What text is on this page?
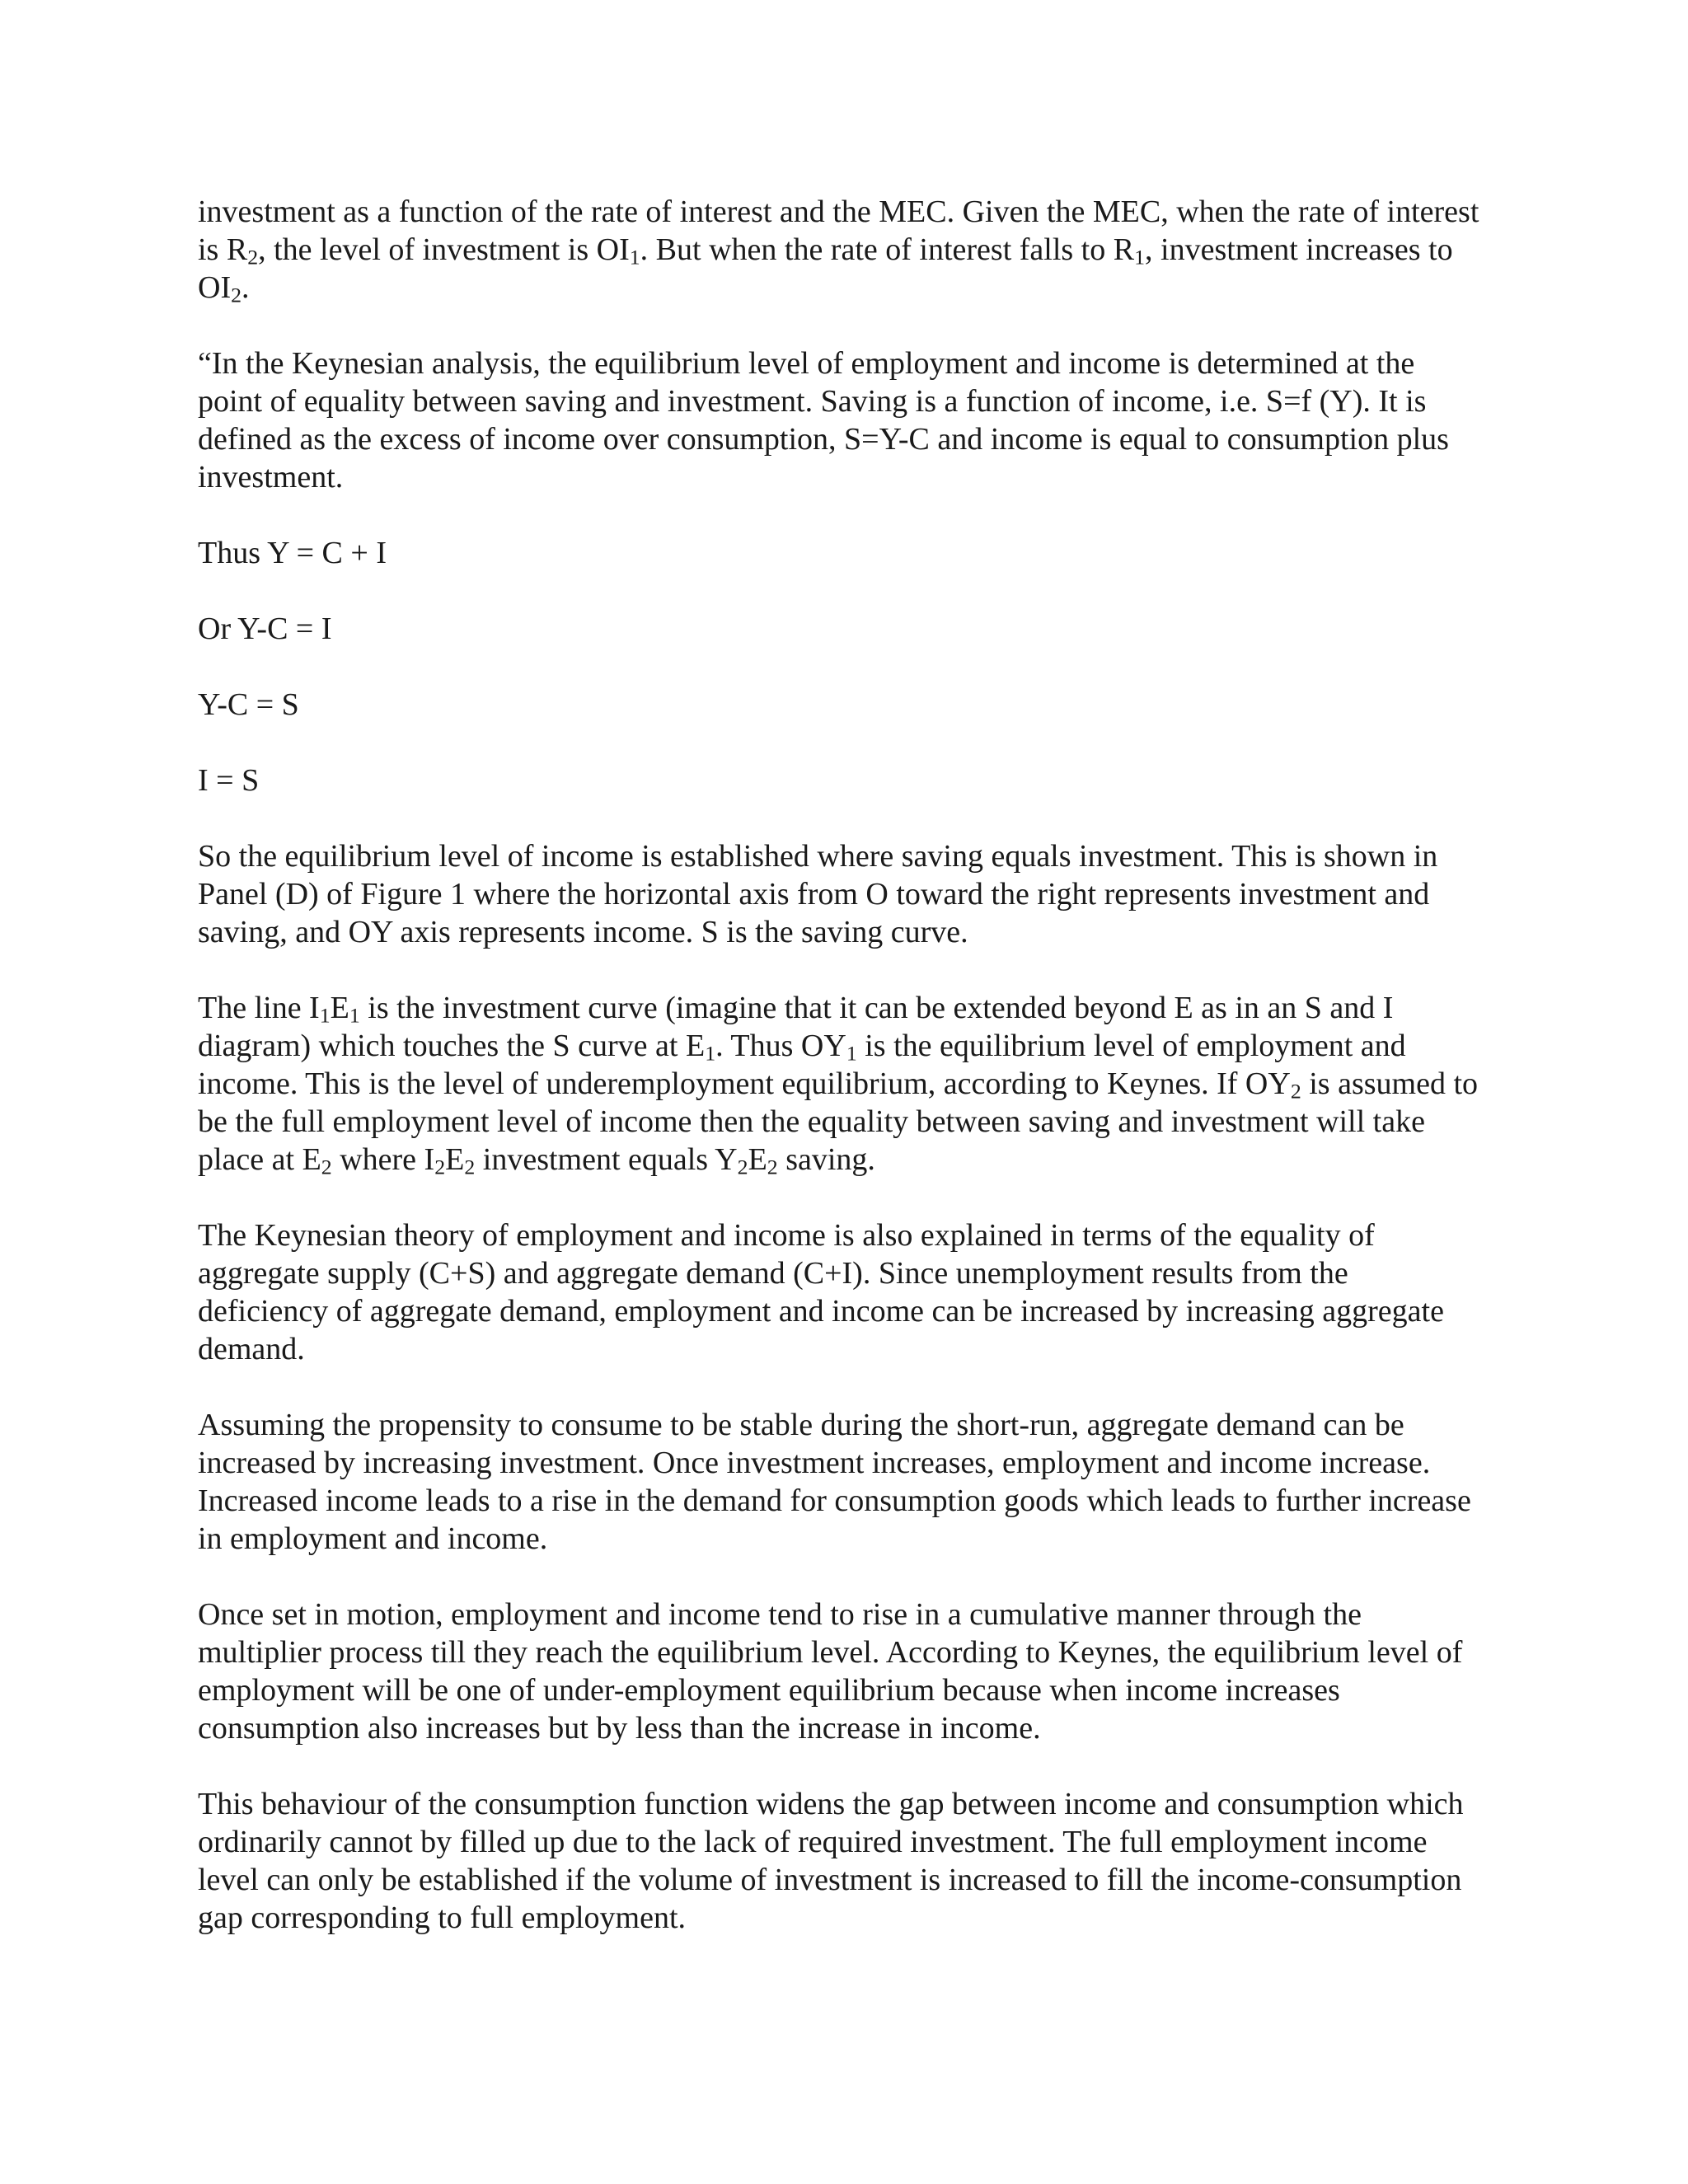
investment as a function of the rate of interest and the MEC. Given the MEC, when the rate of interest is $R_2$, the level of investment is $OI_1$. But when the rate of interest falls to $R_1$, investment increases to $OI_2$.

“In the Keynesian analysis, the equilibrium level of employment and income is determined at the point of equality between saving and investment. Saving is a function of income, i.e. S=f (Y). It is defined as the excess of income over consumption, S=Y-C and income is equal to consumption plus investment.

Thus Y = C + I

Or Y-C = I

Y-C = S

I = S

So the equilibrium level of income is established where saving equals investment. This is shown in Panel (D) of Figure 1 where the horizontal axis from O toward the right represents investment and saving, and OY axis represents income. S is the saving curve.

The line $I_1E_1$ is the investment curve (imagine that it can be extended beyond E as in an S and I diagram) which touches the S curve at $E_1$. Thus $OY_1$ is the equilibrium level of employment and income. This is the level of underemployment equilibrium, according to Keynes. If $OY_2$ is assumed to be the full employment level of income then the equality between saving and investment will take place at $E_2$ where $I_2E_2$ investment equals $Y_2E_2$ saving.

The Keynesian theory of employment and income is also explained in terms of the equality of aggregate supply (C+S) and aggregate demand (C+I). Since unemployment results from the deficiency of aggregate demand, employment and income can be increased by increasing aggregate demand.

Assuming the propensity to consume to be stable during the short-run, aggregate demand can be increased by increasing investment. Once investment increases, employment and income increase. Increased income leads to a rise in the demand for consumption goods which leads to further increase in employment and income.

Once set in motion, employment and income tend to rise in a cumulative manner through the multiplier process till they reach the equilibrium level. According to Keynes, the equilibrium level of employment will be one of under-employment equilibrium because when income increases consumption also increases but by less than the increase in income.

This behaviour of the consumption function widens the gap between income and consumption which ordinarily cannot by filled up due to the lack of required investment. The full employment income level can only be established if the volume of investment is increased to fill the income-consumption gap corresponding to full employment.
